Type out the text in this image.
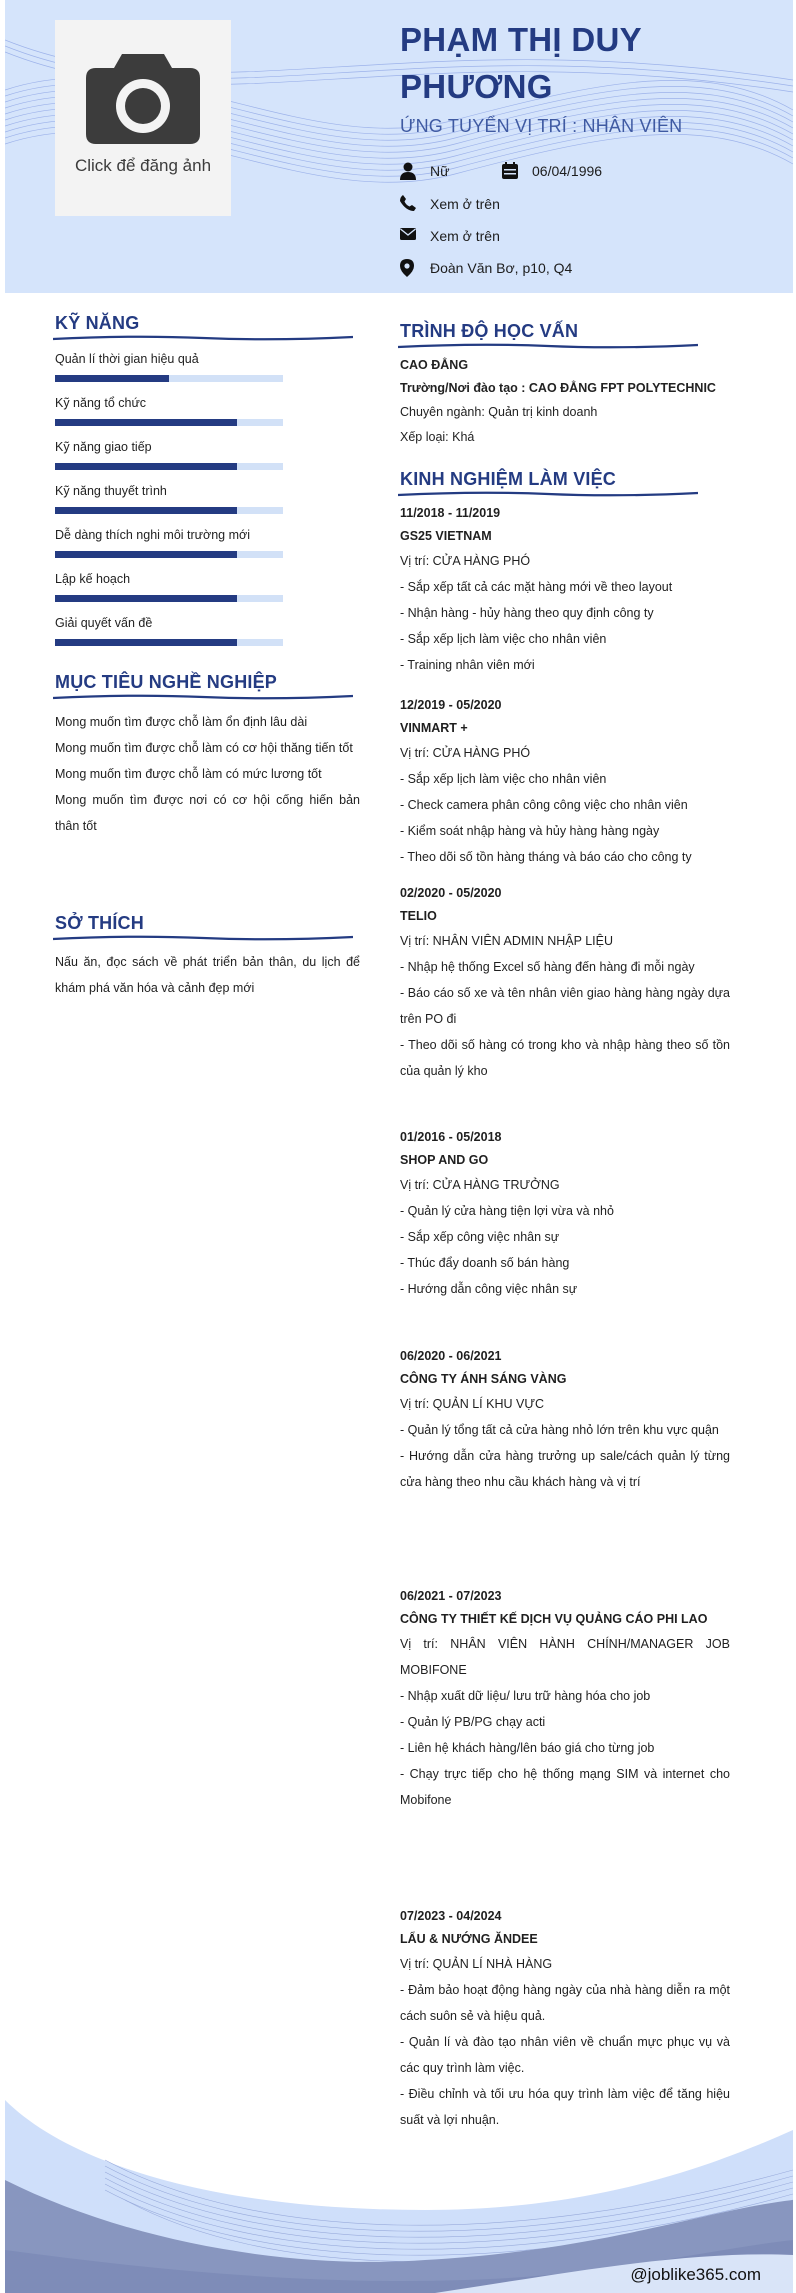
Click để đăng ảnh
PHẠM THỊ DUY PHƯƠNG
ỨNG TUYỂN VỊ TRÍ : NHÂN VIÊN
Nữ	06/04/1996
Xem ở trên
Xem ở trên
Đoàn Văn Bơ, p10, Q4
KỸ NĂNG
MỤC TIÊU NGHỀ NGHIỆP
Mong muốn tìm được chỗ làm ổn định lâu dài
Mong muốn tìm được chỗ làm có cơ hội thăng tiến tốt
Mong muốn tìm được chỗ làm có mức lương tốt
Mong muốn tìm được nơi có cơ hội cống hiến bản thân tốt
SỞ THÍCH
Nấu ăn, đọc sách về phát triển bản thân, du lịch để khám phá văn hóa và cảnh đẹp mới
TRÌNH ĐỘ HỌC VẤN
CAO ĐẲNG
Trường/Nơi đào tạo : CAO ĐẲNG FPT POLYTECHNIC
Chuyên ngành: Quản trị kinh doanh
Xếp loại: Khá
KINH NGHIỆM LÀM VIỆC
@joblike365.com
Quản lí thời gian hiệu quả
Kỹ năng tổ chức
Kỹ năng giao tiếp
Kỹ năng thuyết trình
Dễ dàng thích nghi môi trường mới
Lập kế hoạch
Giải quyết vấn đề
11/2018 - 11/2019
GS25 VIETNAM
Vị trí: CỬA HÀNG PHÓ
- Sắp xếp tất cả các mặt hàng mới về theo layout
- Nhận hàng - hủy hàng theo quy định công ty
- Sắp xếp lịch làm việc cho nhân viên
- Training nhân viên mới
12/2019 - 05/2020
VINMART +
Vị trí: CỬA HÀNG PHÓ
- Sắp xếp lịch làm việc cho nhân viên
- Check camera phân công công việc cho nhân viên
- Kiểm soát nhập hàng và hủy hàng hàng ngày
- Theo dõi số tồn hàng tháng và báo cáo cho công ty
02/2020 - 05/2020
TELIO
Vị trí: NHÂN VIÊN ADMIN NHẬP LIỆU
- Nhập hệ thống Excel số hàng đến hàng đi mỗi ngày
- Báo cáo số xe và tên nhân viên giao hàng hàng ngày dựa trên PO đi
- Theo dõi số hàng có trong kho và nhập hàng theo số tồn của quản lý kho
01/2016 - 05/2018
SHOP AND GO
Vị trí: CỬA HÀNG TRƯỞNG
- Quản lý cửa hàng tiện lợi vừa và nhỏ
- Sắp xếp công việc nhân sự
- Thúc đẩy doanh số bán hàng
- Hướng dẫn công việc nhân sự
06/2020 - 06/2021
CÔNG TY ÁNH SÁNG VÀNG
Vị trí: QUẢN LÍ KHU VỰC
- Quản lý tổng tất cả cửa hàng nhỏ lớn trên khu vực quận
- Hướng dẫn cửa hàng trưởng up sale/cách quản lý từng cửa hàng theo nhu cầu khách hàng và vị trí
06/2021 - 07/2023
CÔNG TY THIẾT KẾ DỊCH VỤ QUẢNG CÁO PHI LAO
Vị trí: NHÂN VIÊN HÀNH CHÍNH/MANAGER JOB MOBIFONE
- Nhập xuất dữ liệu/ lưu trữ hàng hóa cho job
- Quản lý PB/PG chạy acti
- Liên hệ khách hàng/lên báo giá cho từng job
- Chạy trực tiếp cho hệ thống mạng SIM và internet cho Mobifone
07/2023 - 04/2024
LẨU & NƯỚNG ĂNDEE
Vị trí: QUẢN LÍ NHÀ HÀNG
- Đảm bảo hoạt động hàng ngày của nhà hàng diễn ra một cách suôn sẻ và hiệu quả.
- Quản lí và đào tạo nhân viên về chuẩn mực phục vụ và các quy trình làm việc.
- Điều chỉnh và tối ưu hóa quy trình làm việc để tăng hiệu suất và lợi nhuận.
